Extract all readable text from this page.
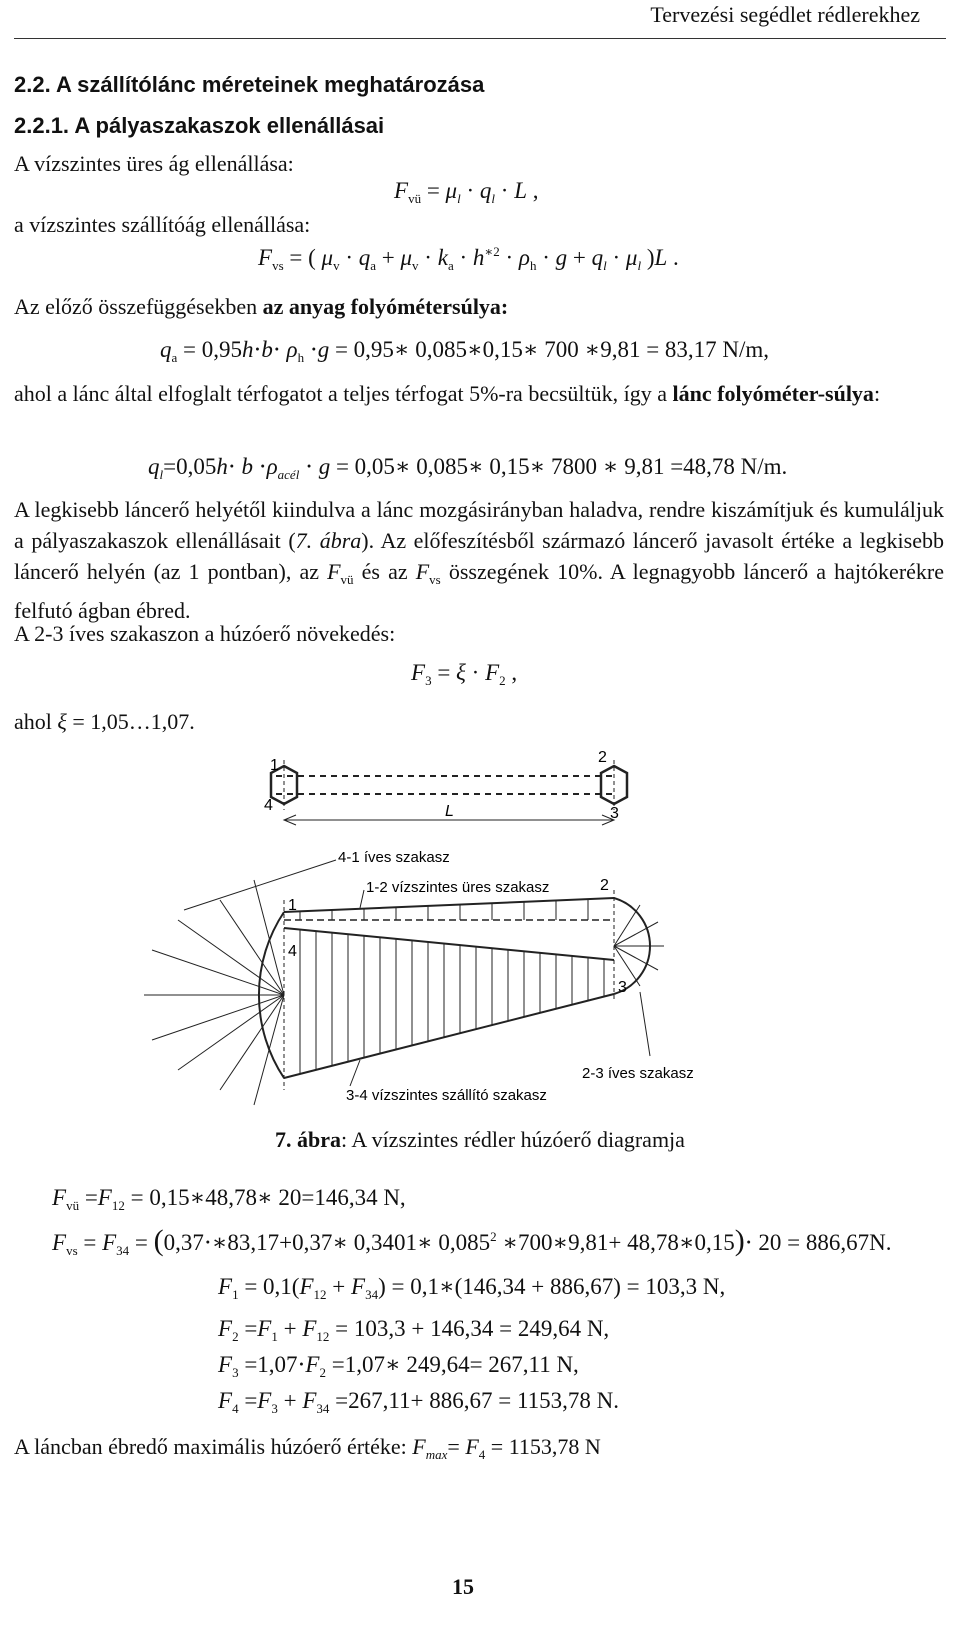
Tervezési segédlet rédlerekhez
2.2. A szállítólánc méreteinek meghatározása
2.2.1. A pályaszakaszok ellenállásai
A vízszintes üres ág ellenállása:
$F_{vü} = \mu_l \cdot q_l \cdot L$ ,
a vízszintes szállítóág ellenállása:
$F_{vs}$ = ( $\mu_v \cdot q_a + \mu_v \cdot k_a \cdot h^{∗2} \cdot \rho_h \cdot g + q_l \cdot \mu_l$ )L .
Az előző összefüggésekben az anyag folyómétersúlya:
$q_a = 0,95h\cdot b\cdot \rho_h \cdot g$ = 0,95∗ 0,085∗0,15∗ 700 ∗9,81 = 83,17 N/m,
ahol a lánc által elfoglalt térfogatot a teljes térfogat 5%-ra becsültük, így a lánc folyóméter-súlya:
$q_l=0,05h\cdot b \cdot\rho_{acél} \cdot g$ = 0,05∗ 0,085∗ 0,15∗ 7800 ∗ 9,81 =48,78 N/m.
A legkisebb láncerő helyétől kiindulva a lánc mozgásirányban haladva, rendre kiszámítjuk és kumuláljuk a pályaszakaszok ellenállásait (7. ábra). Az előfeszítésből származó láncerő javasolt értéke a legkisebb láncerő helyén (az 1 pontban), az $F_{vü}$ és az $F_{vs}$ összegének 10%. A legnagyobb láncerő a hajtókerékre felfutó ágban ébred.
A 2-3 íves szakaszon a húzóerő növekedés:
$F_3 = \xi \cdot F_2$ ,
ahol ξ = 1,05…1,07.
4
1	2
3
L
1
2
3
4
4-1 íves szakasz
1-2 vízszintes üres szakasz
2-3 íves szakasz
3-4 vízszintes szállító szakasz
7. ábra: A vízszintes rédler húzóerő diagramja
$F_{vü} =F_{12}$ = 0,15∗48,78∗ 20=146,34 N,
$F_{vs} = F_{34}$ = (0,37⋅∗83,17+0,37∗ 0,3401∗ 0,085$^2$ ∗700∗9,81+ 48,78∗0,15)⋅ 20 = 886,67N.
$F_1 = 0,1(F_{12} + F_{34})$ = 0,1∗(146,34 + 886,67) = 103,3 N,
$F_2 =F_1 + F_{12} = 103,3 + 146,34 = 249,64$ N,
$F_3 =1,07\cdot F_2$ =1,07∗ 249,64= 267,11 N,
$F_4 =F_3 + F_{34} =267,11+ 886,67 = 1153,78$ N.
A láncban ébredő maximális húzóerő értéke: $F_{max}= F_4 = 1153,78$ N
15
